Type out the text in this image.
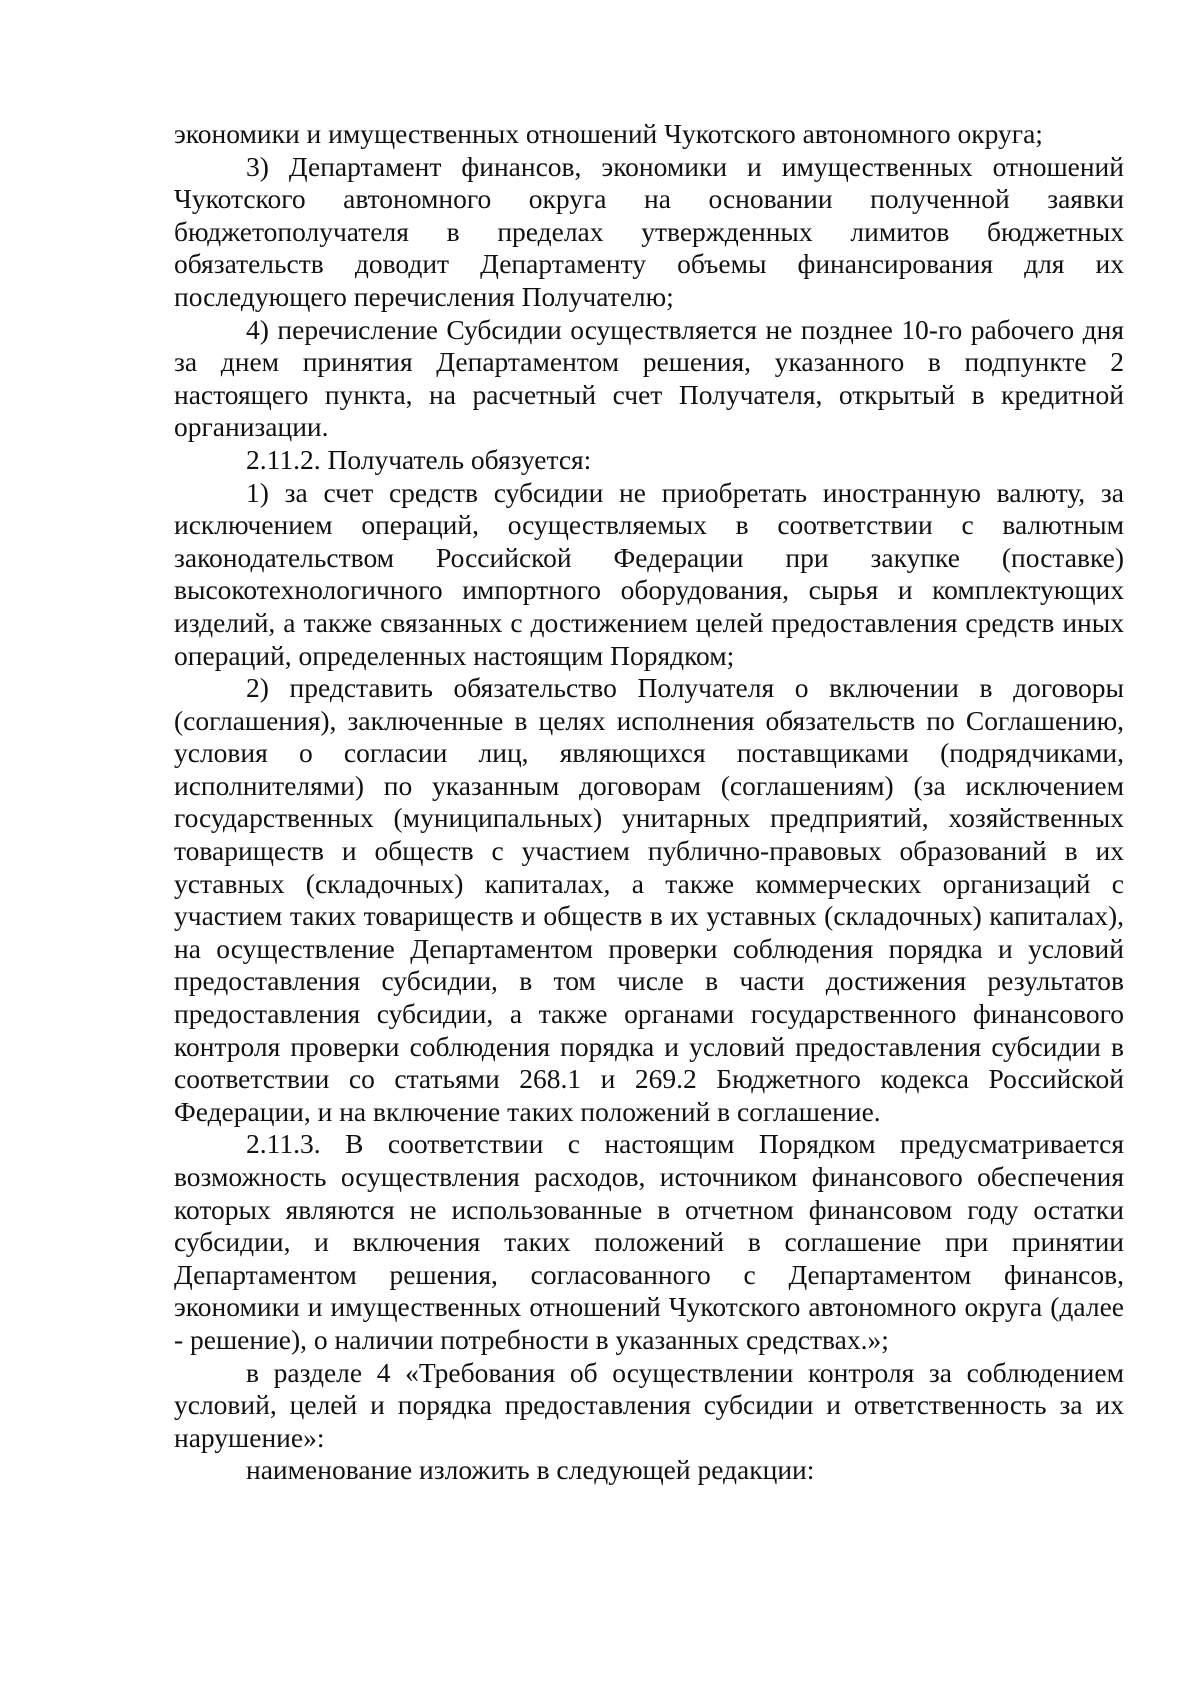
экономики и имущественных отношений Чукотского автономного округа;

3) Департамент финансов, экономики и имущественных отношений Чукотского автономного округа на основании полученной заявки бюджетополучателя в пределах утвержденных лимитов бюджетных обязательств доводит Департаменту объемы финансирования для их последующего перечисления Получателю;

4) перечисление Субсидии осуществляется не позднее 10-го рабочего дня за днем принятия Департаментом решения, указанного в подпункте 2 настоящего пункта, на расчетный счет Получателя, открытый в кредитной организации.

2.11.2. Получатель обязуется:

1) за счет средств субсидии не приобретать иностранную валюту, за исключением операций, осуществляемых в соответствии с валютным законодательством Российской Федерации при закупке (поставке) высокотехнологичного импортного оборудования, сырья и комплектующих изделий, а также связанных с достижением целей предоставления средств иных операций, определенных настоящим Порядком;

2) представить обязательство Получателя о включении в договоры (соглашения), заключенные в целях исполнения обязательств по Соглашению, условия о согласии лиц, являющихся поставщиками (подрядчиками, исполнителями) по указанным договорам (соглашениям) (за исключением государственных (муниципальных) унитарных предприятий, хозяйственных товариществ и обществ с участием публично-правовых образований в их уставных (складочных) капиталах, а также коммерческих организаций с участием таких товариществ и обществ в их уставных (складочных) капиталах), на осуществление Департаментом проверки соблюдения порядка и условий предоставления субсидии, в том числе в части достижения результатов предоставления субсидии, а также органами государственного финансового контроля проверки соблюдения порядка и условий предоставления субсидии в соответствии со статьями 268.1 и 269.2 Бюджетного кодекса Российской Федерации, и на включение таких положений в соглашение.

2.11.3. В соответствии с настоящим Порядком предусматривается возможность осуществления расходов, источником финансового обеспечения которых являются не использованные в отчетном финансовом году остатки субсидии, и включения таких положений в соглашение при принятии Департаментом решения, согласованного с Департаментом финансов, экономики и имущественных отношений Чукотского автономного округа (далее - решение), о наличии потребности в указанных средствах.»;

в разделе 4 «Требования об осуществлении контроля за соблюдением условий, целей и порядка предоставления субсидии и ответственность за их нарушение»:

наименование изложить в следующей редакции:
